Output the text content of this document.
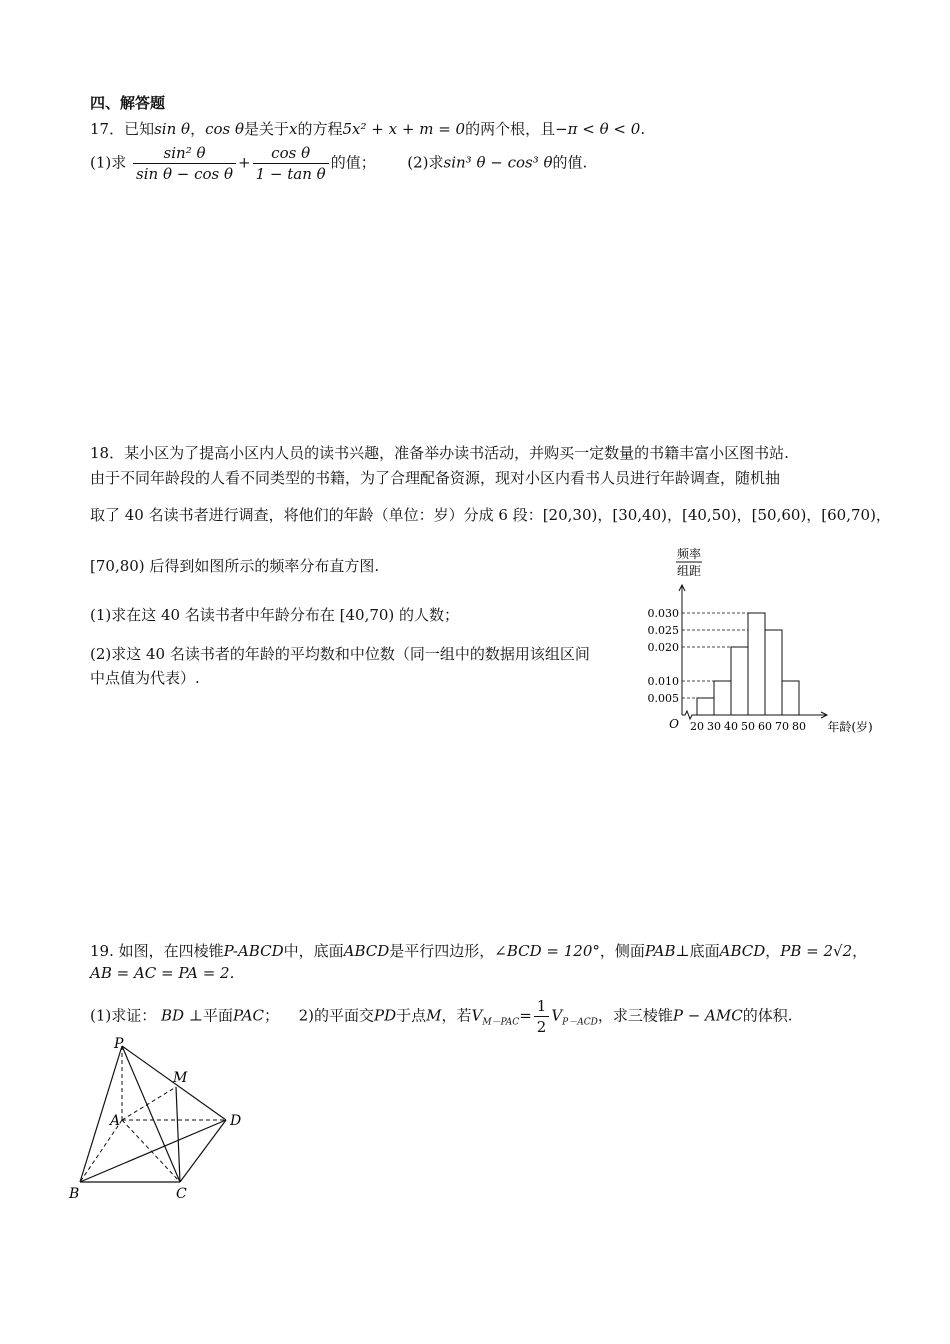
四、解答题
17．已知sin θ，cos θ是关于x的方程5x² + x + m = 0的两个根，且−π < θ < 0.
(1)求 $\frac{\text{sin² θ}}{\text{sin θ − cos θ}} + \frac{\text{cos θ}}{\text{1 − tan θ}}$ 的值； (2)求sin³ θ − cos³ θ的值.
18．某小区为了提高小区内人员的读书兴趣，准备举办读书活动，并购买一定数量的书籍丰富小区图书站.
由于不同年龄段的人看不同类型的书籍，为了合理配备资源，现对小区内看书人员进行年龄调查，随机抽
取了 40 名读书者进行调查，将他们的年龄（单位：岁）分成 6 段：[20,30)，[30,40)，[40,50)，[50,60)，[60,70)，
[70,80) 后得到如图所示的频率分布直方图.
(1)求在这 40 名读书者中年龄分布在 [40,70) 的人数；
(2)求这 40 名读书者的年龄的平均数和中位数（同一组中的数据用该组区间
中点值为代表）.
频率
组距
0.005
0.010
0.020
0.025
0.030
20 30 40 50 60 70 80
O	年龄(岁)
19. 如图，在四棱锥P-ABCD中，底面ABCD是平行四边形，∠BCD = 120°，侧面PAB⊥底面ABCD，PB = 2√2，
AB = AC = PA = 2.
(1)求证： BD ⊥平面PAC； 2)的平面交PD于点M，若$V_{M-PAC}= \frac{1}{2} V_{P-ACD}$，求三棱锥P − AMC的体积.
P
M
A	D
B	C
